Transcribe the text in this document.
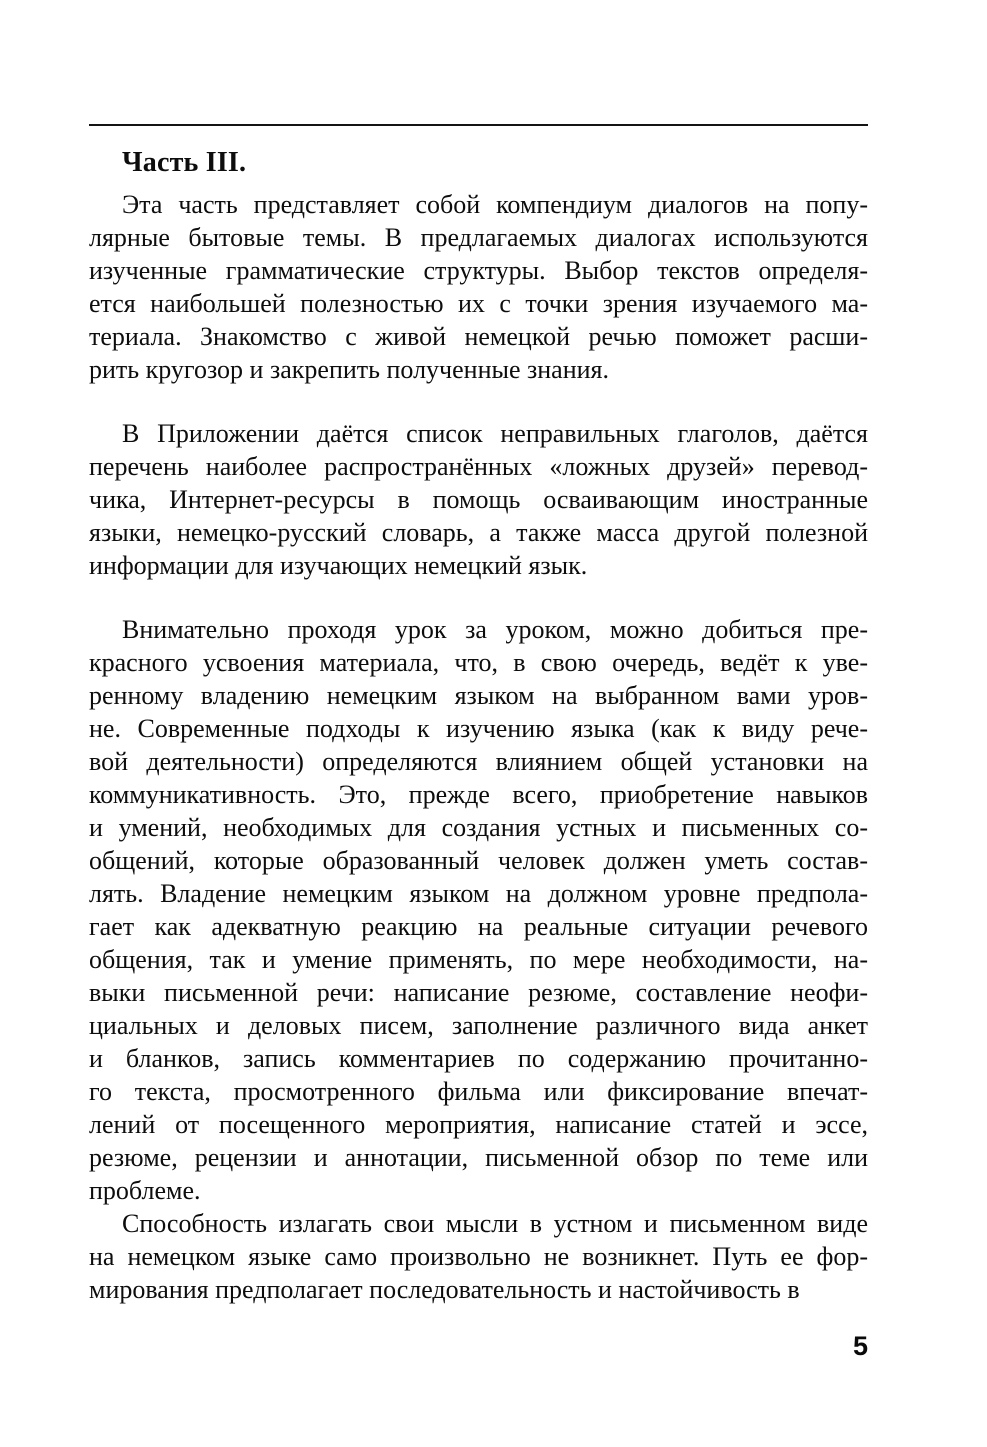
Часть III.
Эта часть представляет собой компендиум диалогов на попу-
лярные бытовые темы. В предлагаемых диалогах используются
изученные грамматические структуры. Выбор текстов определя-
ется наибольшей полезностью их с точки зрения изучаемого ма-
териала. Знакомство с живой немецкой речью поможет расши-
рить кругозор и закрепить полученные знания.
В Приложении даётся список неправильных глаголов, даётся
перечень наиболее распространённых «ложных друзей» перевод-
чика, Интернет-ресурсы в помощь осваивающим иностранные
языки, немецко-русский словарь, а также масса другой полезной
информации для изучающих немецкий язык.
Внимательно проходя урок за уроком, можно добиться пре-
красного усвоения материала, что, в свою очередь, ведёт к уве-
ренному владению немецким языком на выбранном вами уров-
не. Современные подходы к изучению языка (как к виду рече-
вой деятельности) определяются влиянием общей установки на
коммуникативность. Это, прежде всего, приобретение навыков
и умений, необходимых для создания устных и письменных со-
общений, которые образованный человек должен уметь состав-
лять. Владение немецким языком на должном уровне предпола-
гает как адекватную реакцию на реальные ситуации речевого
общения, так и умение применять, по мере необходимости, на-
выки письменной речи: написание резюме, составление неофи-
циальных и деловых писем, заполнение различного вида анкет
и бланков, запись комментариев по содержанию прочитанно-
го текста, просмотренного фильма или фиксирование впечат-
лений от посещенного мероприятия, написание статей и эссе,
резюме, рецензии и аннотации, письменной обзор по теме или
проблеме.
Способность излагать свои мысли в устном и письменном виде
на немецком языке само произвольно не возникнет. Путь ее фор-
мирования предполагает последовательность и настойчивость в
5
